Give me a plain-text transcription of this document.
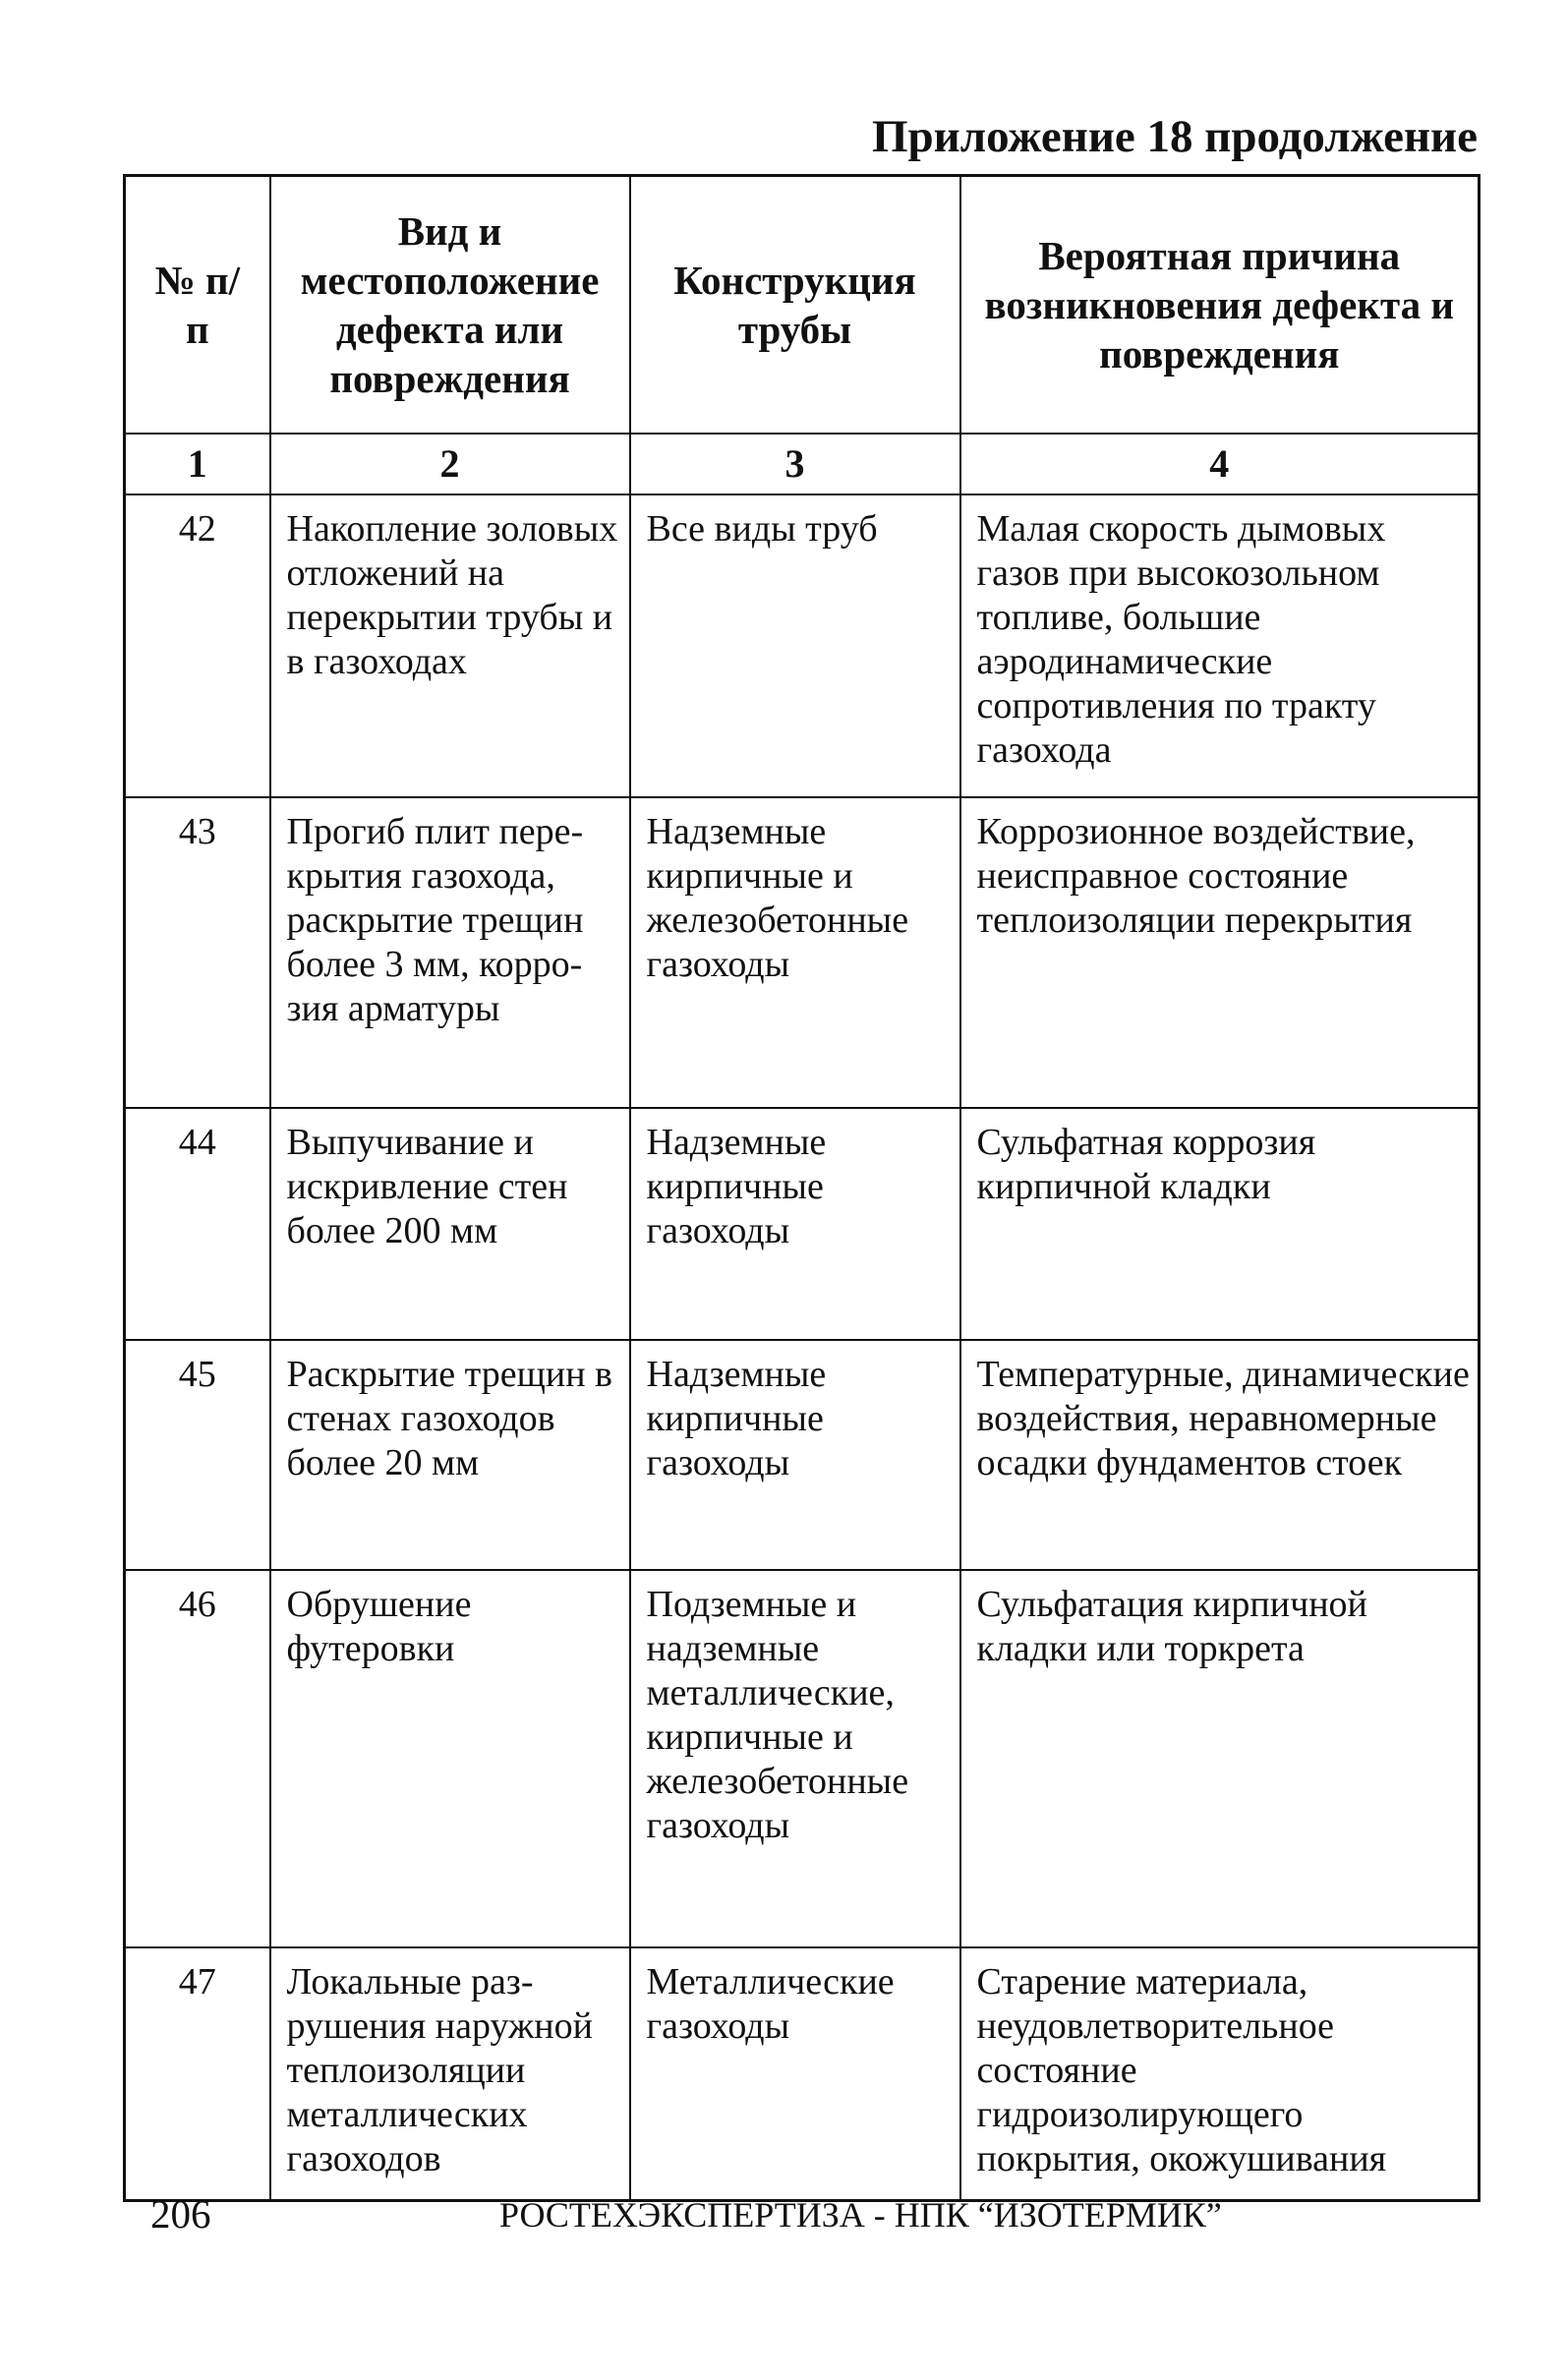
Приложение 18 продолжение
№ п/п	Вид и местоположение дефекта или повреждения	Конструкция трубы	Вероятная причина возникновения дефекта и повреждения
1	2	3	4
42	Накопление золовых отложений на перекрытии трубы и в газоходах	Все виды труб	Малая скорость дымовых газов при высокозольном топливе, большие аэродинамические сопротивления по тракту газохода
43	Прогиб плит пере-крытия газохода, раскрытие трещин более 3 мм, корро-зия арматуры	Надземные кирпичные и железобетонные газоходы	Коррозионное воздействие, неисправное состояние теплоизоляции перекрытия
44	Выпучивание и искривление стен более 200 мм	Надземные кирпичные газоходы	Сульфатная коррозия кирпичной кладки
45	Раскрытие трещин в стенах газоходов более 20 мм	Надземные кирпичные газоходы	Температурные, динамические воздействия, неравномерные осадки фундаментов стоек
46	Обрушение футеровки	Подземные и надземные металлические, кирпичные и железобетонные газоходы	Сульфатация кирпичной кладки или торкрета
47	Локальные раз-рушения наружной теплоизоляции металлических газоходов	Металлические газоходы	Старение материала, неудовлетворительное состояние гидроизолирующего покрытия, окожушивания
206	РОСТЕХЭКСПЕРТИЗА - НПК “ИЗОТЕРМИК”
